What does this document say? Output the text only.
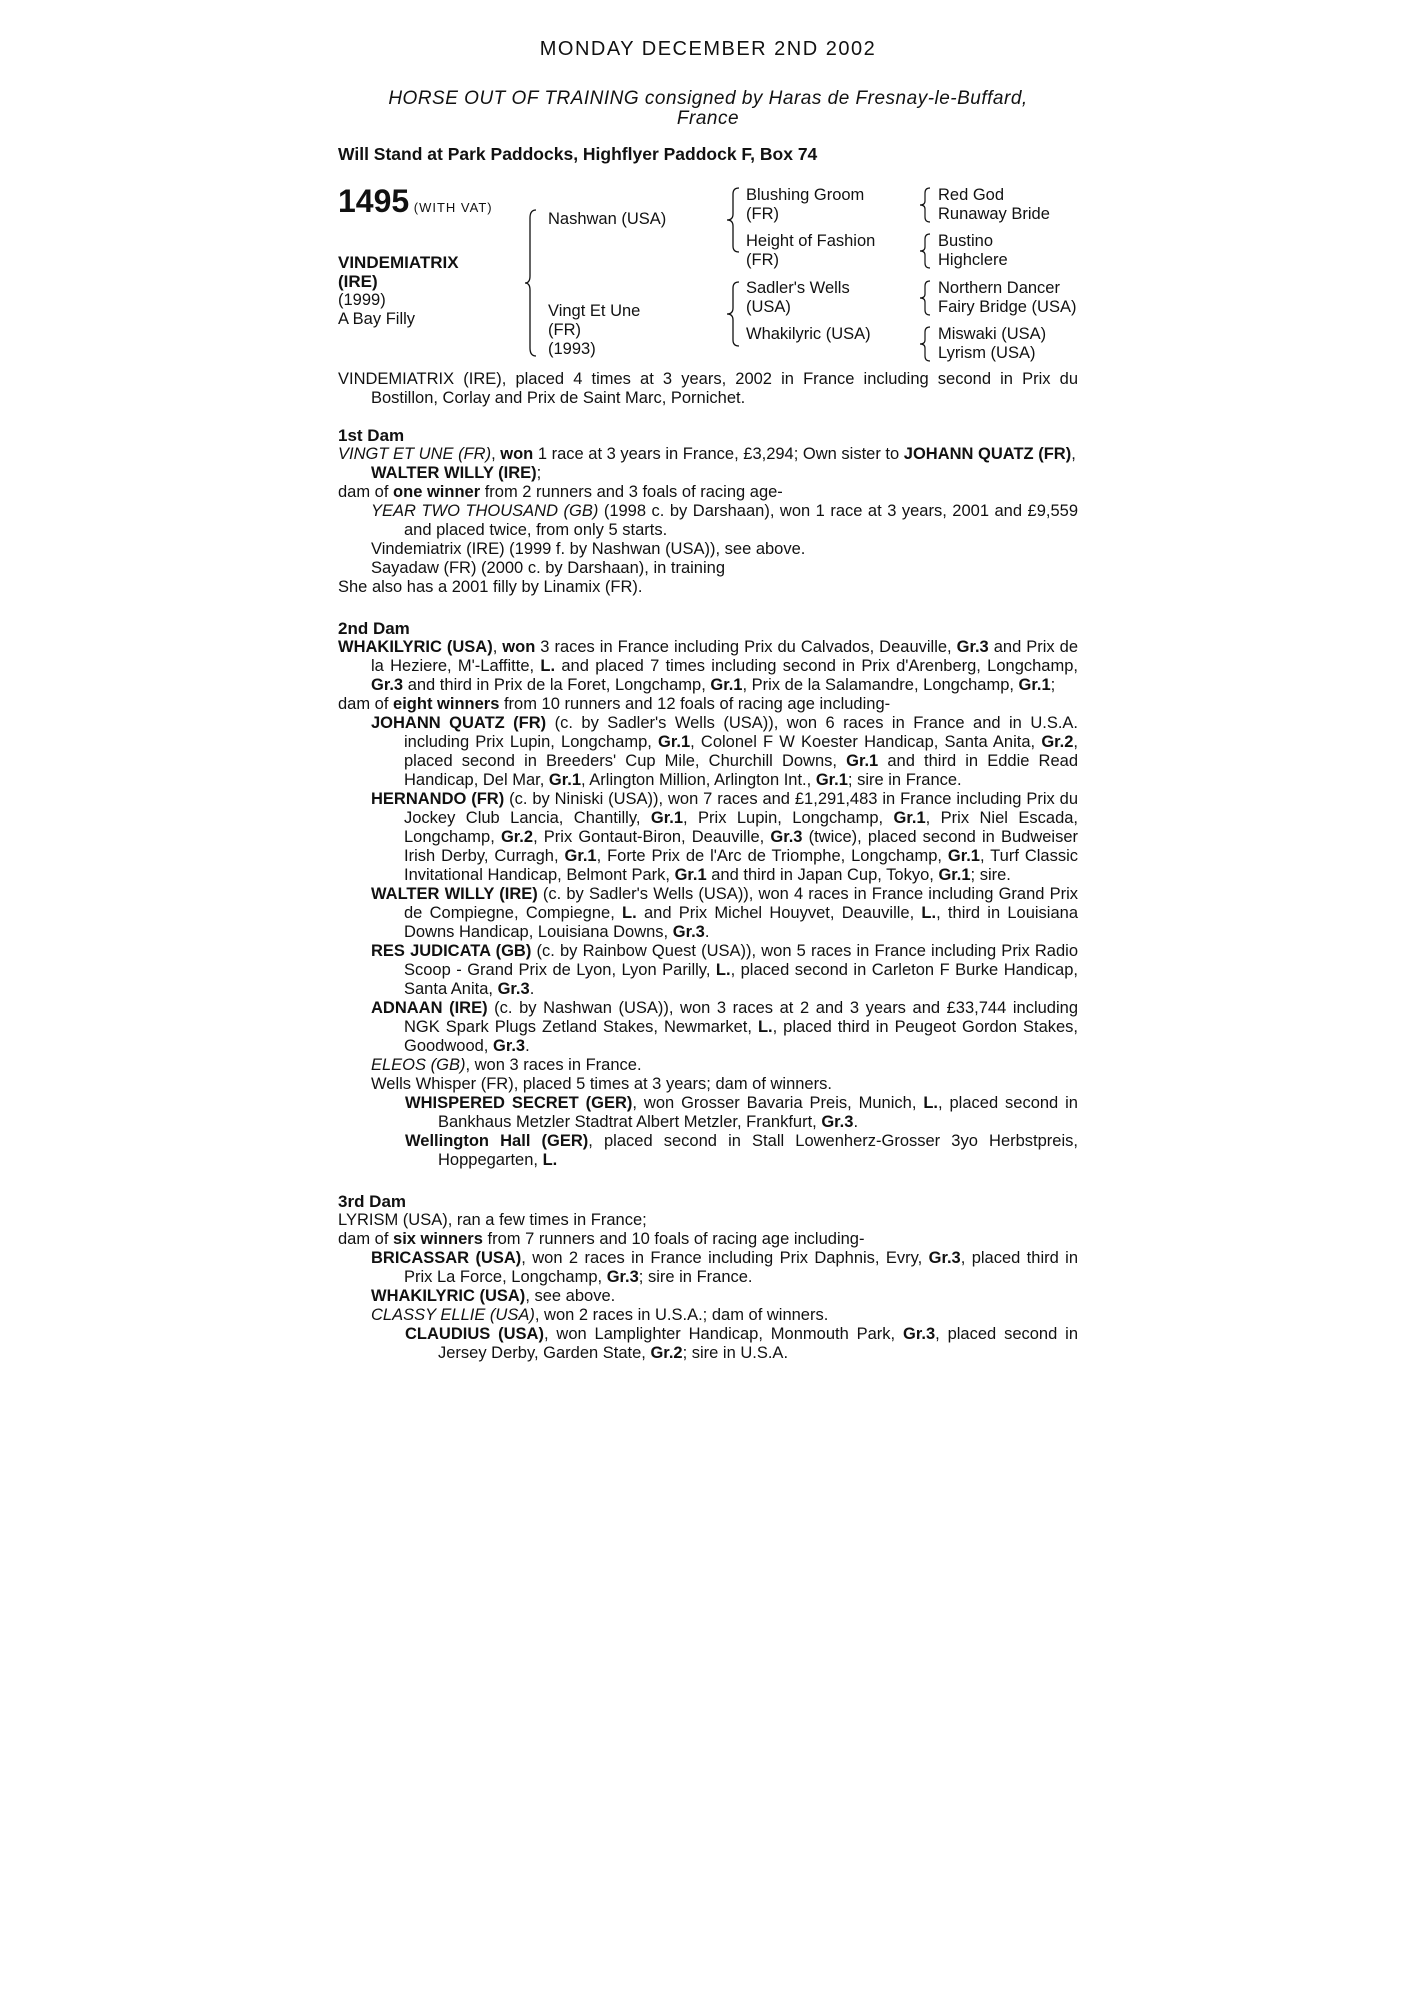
MONDAY DECEMBER 2ND 2002

HORSE OUT OF TRAINING consigned by Haras de Fresnay-le-Buffard, France

Will Stand at Park Paddocks, Highflyer Paddock F, Box 74

1495 (WITH VAT)
VINDEMIATRIX
(IRE)
(1999)
A Bay Filly
Nashwan (USA)
Vingt Et Une
(FR)
(1993)
Blushing Groom
(FR)
Height of Fashion
(FR)
Sadler's Wells
(USA)
Whakilyric (USA)
Red God
Runaway Bride
Bustino
Highclere
Northern Dancer
Fairy Bridge (USA)
Miswaki (USA)
Lyrism (USA)

VINDEMIATRIX (IRE), placed 4 times at 3 years, 2002 in France including second in Prix du Bostillon, Corlay and Prix de Saint Marc, Pornichet.

1st Dam

VINGT ET UNE (FR), won 1 race at 3 years in France, £3,294; Own sister to JOHANN QUATZ (FR), WALTER WILLY (IRE);

dam of one winner from 2 runners and 3 foals of racing age-

YEAR TWO THOUSAND (GB) (1998 c. by Darshaan), won 1 race at 3 years, 2001 and £9,559 and placed twice, from only 5 starts.

Vindemiatrix (IRE) (1999 f. by Nashwan (USA)), see above.

Sayadaw (FR) (2000 c. by Darshaan), in training

She also has a 2001 filly by Linamix (FR).

2nd Dam

WHAKILYRIC (USA), won 3 races in France including Prix du Calvados, Deauville, Gr.3 and Prix de la Heziere, M'-Laffitte, L. and placed 7 times including second in Prix d'Arenberg, Longchamp, Gr.3 and third in Prix de la Foret, Longchamp, Gr.1, Prix de la Salamandre, Longchamp, Gr.1;

dam of eight winners from 10 runners and 12 foals of racing age including-

JOHANN QUATZ (FR) (c. by Sadler's Wells (USA)), won 6 races in France and in U.S.A. including Prix Lupin, Longchamp, Gr.1, Colonel F W Koester Handicap, Santa Anita, Gr.2, placed second in Breeders' Cup Mile, Churchill Downs, Gr.1 and third in Eddie Read Handicap, Del Mar, Gr.1, Arlington Million, Arlington Int., Gr.1; sire in France.

HERNANDO (FR) (c. by Niniski (USA)), won 7 races and £1,291,483 in France including Prix du Jockey Club Lancia, Chantilly, Gr.1, Prix Lupin, Longchamp, Gr.1, Prix Niel Escada, Longchamp, Gr.2, Prix Gontaut-Biron, Deauville, Gr.3 (twice), placed second in Budweiser Irish Derby, Curragh, Gr.1, Forte Prix de l'Arc de Triomphe, Longchamp, Gr.1, Turf Classic Invitational Handicap, Belmont Park, Gr.1 and third in Japan Cup, Tokyo, Gr.1; sire.

WALTER WILLY (IRE) (c. by Sadler's Wells (USA)), won 4 races in France including Grand Prix de Compiegne, Compiegne, L. and Prix Michel Houyvet, Deauville, L., third in Louisiana Downs Handicap, Louisiana Downs, Gr.3.

RES JUDICATA (GB) (c. by Rainbow Quest (USA)), won 5 races in France including Prix Radio Scoop - Grand Prix de Lyon, Lyon Parilly, L., placed second in Carleton F Burke Handicap, Santa Anita, Gr.3.

ADNAAN (IRE) (c. by Nashwan (USA)), won 3 races at 2 and 3 years and £33,744 including NGK Spark Plugs Zetland Stakes, Newmarket, L., placed third in Peugeot Gordon Stakes, Goodwood, Gr.3.

ELEOS (GB), won 3 races in France.

Wells Whisper (FR), placed 5 times at 3 years; dam of winners.

WHISPERED SECRET (GER), won Grosser Bavaria Preis, Munich, L., placed second in Bankhaus Metzler Stadtrat Albert Metzler, Frankfurt, Gr.3.

Wellington Hall (GER), placed second in Stall Lowenherz-Grosser 3yo Herbstpreis, Hoppegarten, L.

3rd Dam

LYRISM (USA), ran a few times in France;

dam of six winners from 7 runners and 10 foals of racing age including-

BRICASSAR (USA), won 2 races in France including Prix Daphnis, Evry, Gr.3, placed third in Prix La Force, Longchamp, Gr.3; sire in France.

WHAKILYRIC (USA), see above.

CLASSY ELLIE (USA), won 2 races in U.S.A.; dam of winners.

CLAUDIUS (USA), won Lamplighter Handicap, Monmouth Park, Gr.3, placed second in Jersey Derby, Garden State, Gr.2; sire in U.S.A.
